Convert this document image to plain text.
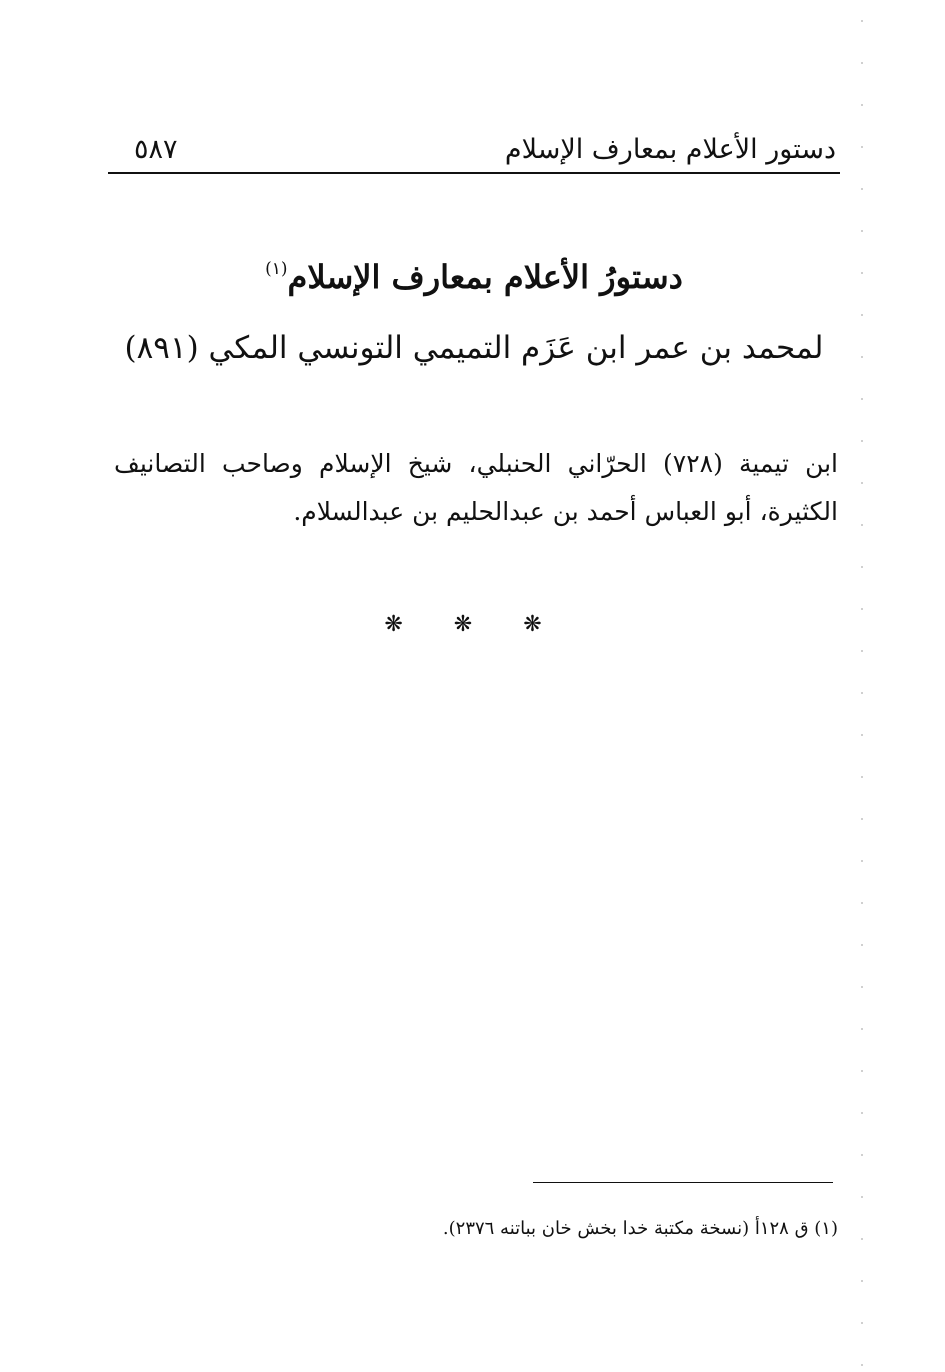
دستور الأعلام بمعارف الإسلام
٥٨٧
دستورُ الأعلام بمعارف الإسلام$^{(١)}$
لمحمد بن عمر ابن عَزَم التميمي التونسي المكي (٨٩١)
ابن تيمية (٧٢٨) الحرّاني الحنبلي، شيخ الإسلام وصاحب التصانيف الكثيرة، أبو العباس أحمد بن عبدالحليم بن عبدالسلام.
❋ ❋ ❋
(١) ق ١٢٨أ (نسخة مكتبة خدا بخش خان بباتنه ٢٣٧٦).
